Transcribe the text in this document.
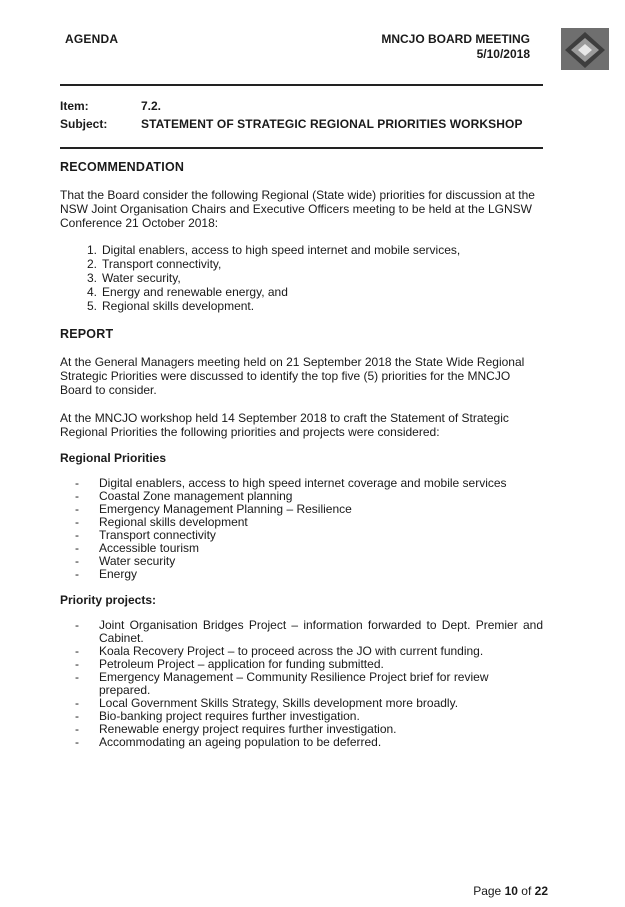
AGENDA	MNCJO BOARD MEETING
5/10/2018
Item:	7.2.
Subject:	STATEMENT OF STRATEGIC REGIONAL PRIORITIES WORKSHOP
RECOMMENDATION

That the Board consider the following Regional (State wide) priorities for discussion at the NSW Joint Organisation Chairs and Executive Officers meeting to be held at the LGNSW Conference 21 October 2018:

1. Digital enablers, access to high speed internet and mobile services,
2. Transport connectivity,
3. Water security,
4. Energy and renewable energy, and
5. Regional skills development.
REPORT

At the General Managers meeting held on 21 September 2018 the State Wide Regional Strategic Priorities were discussed to identify the top five (5) priorities for the MNCJO Board to consider.

At the MNCJO workshop held 14 September 2018 to craft the Statement of Strategic Regional Priorities the following priorities and projects were considered:

Regional Priorities
-	Digital enablers, access to high speed internet coverage and mobile services
-	Coastal Zone management planning
-	Emergency Management Planning – Resilience
-	Regional skills development
-	Transport connectivity
-	Accessible tourism
-	Water security
-	Energy
Priority projects:
-	Joint Organisation Bridges Project – information forwarded to Dept. Premier and Cabinet.
-	Koala Recovery Project – to proceed across the JO with current funding.
-	Petroleum Project – application for funding submitted.
-	Emergency Management – Community Resilience Project brief for review prepared.
-	Local Government Skills Strategy, Skills development more broadly.
-	Bio-banking project requires further investigation.
-	Renewable energy project requires further investigation.
-	Accommodating an ageing population to be deferred.
Page 10 of 22
